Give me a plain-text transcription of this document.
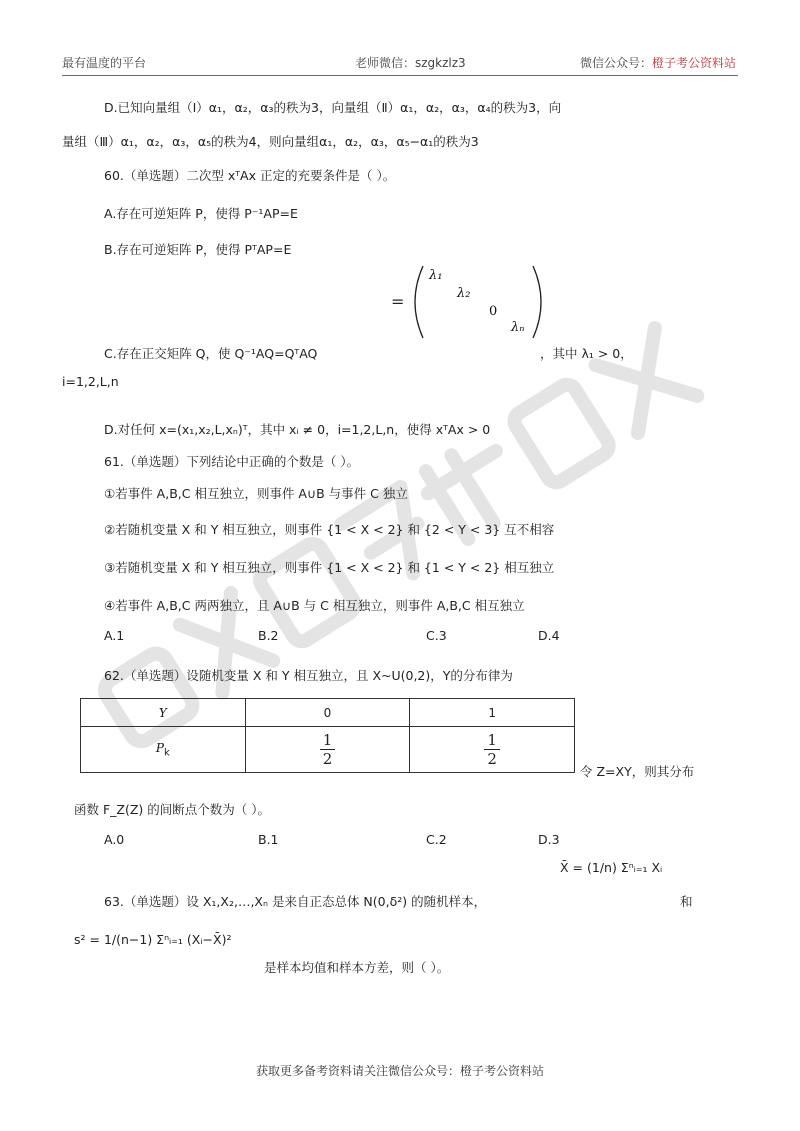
最有温度的平台	老师微信：szgkzlz3	微信公众号：橙子考公资料站
D.已知向量组（Ⅰ）α₁，α₂，α₃的秩为3，向量组（Ⅱ）α₁，α₂，α₃，α₄的秩为3，向
量组（Ⅲ）α₁，α₂，α₃，α₅的秩为4，则向量组α₁，α₂，α₃，α₅−α₁的秩为3
60.（单选题）二次型 xᵀAx 正定的充要条件是（ ）。
A.存在可逆矩阵 P，使得 P⁻¹AP=E
B.存在可逆矩阵 P，使得 PᵀAP=E
=
λ₁
λ₂
0
λₙ
C.存在正交矩阵 Q，使 Q⁻¹AQ=QᵀAQ	，其中 λ₁ > 0，
i=1,2,L,n
D.对任何 x=(x₁,x₂,L,xₙ)ᵀ，其中 xᵢ ≠ 0，i=1,2,L,n，使得 xᵀAx > 0
61.（单选题）下列结论中正确的个数是（ ）。
①若事件 A,B,C 相互独立，则事件 A∪B 与事件 C 独立
②若随机变量 X 和 Y 相互独立，则事件 {1 < X < 2} 和 {2 < Y < 3} 互不相容
③若随机变量 X 和 Y 相互独立，则事件 {1 < X < 2} 和 {1 < Y < 2} 相互独立
④若事件 A,B,C 两两独立，且 A∪B 与 C 相互独立，则事件 A,B,C 相互独立
A.1	B.2	C.3	D.4
62.（单选题）设随机变量 X 和 Y 相互独立，且 X~U(0,2)，Y的分布律为
Y	0	1
$P_k$	$\frac{1}{2}$	$\frac{1}{2}$
令 Z=XY，则其分布
函数 F_Z(Z) 的间断点个数为（ ）。
A.0	B.1	C.2	D.3
X̄ = (1/n) Σⁿᵢ₌₁ Xᵢ
63.（单选题）设 X₁,X₂,…,Xₙ 是来自正态总体 N(0,δ²) 的随机样本，	和
s² = 1/(n−1) Σⁿᵢ₌₁ (Xᵢ−X̄)²
是样本均值和样本方差，则（ ）。
获取更多备考资料请关注微信公众号：橙子考公资料站
